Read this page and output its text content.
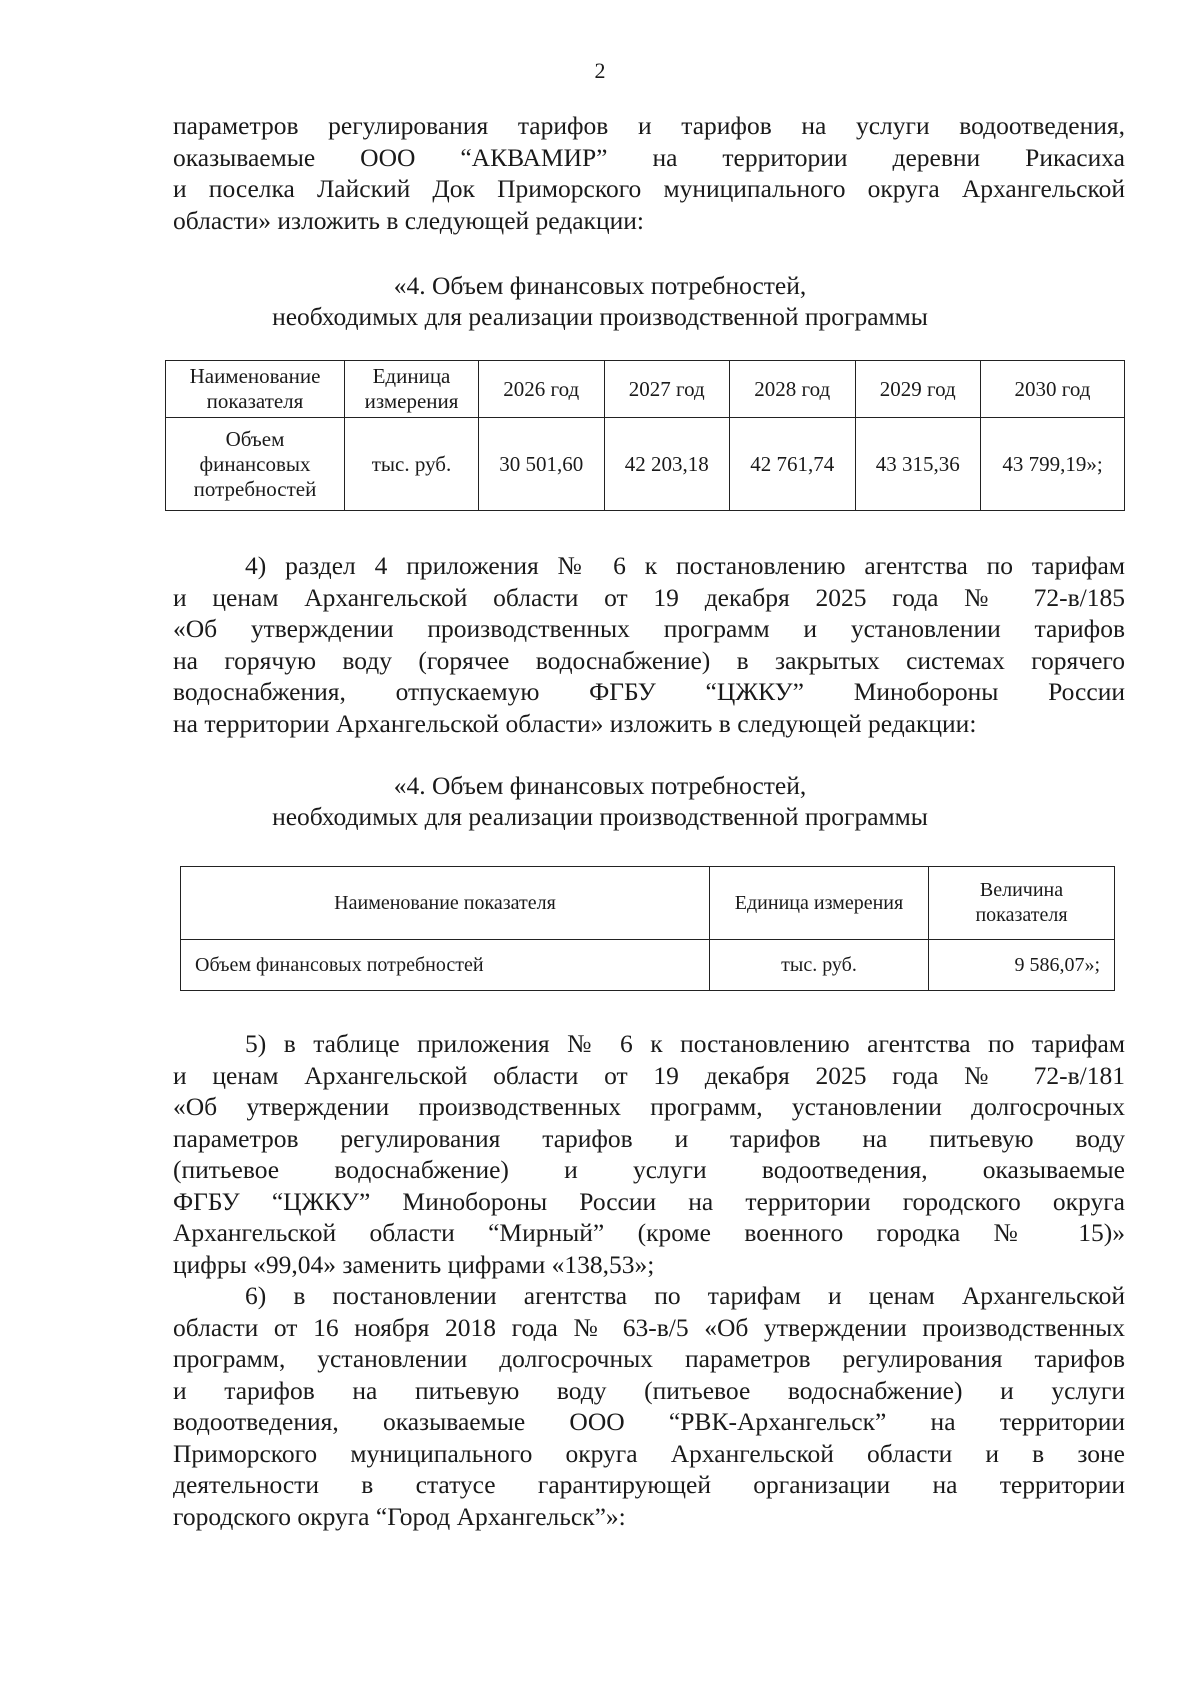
2
параметров регулирования тарифов и тарифов на услуги водоотведения,
оказываемые ООО “АКВАМИР” на территории деревни Рикасиха
и поселка Лайский Док Приморского муниципального округа Архангельской
области» изложить в следующей редакции:
«4. Объем финансовых потребностей,
необходимых для реализации производственной программы
Наименование показателя	Единица измерения	2026 год	2027 год	2028 год	2029 год	2030 год
Объем финансовых потребностей	тыс. руб.	30 501,60	42 203,18	42 761,74	43 315,36	43 799,19»;
4) раздел 4 приложения № 6 к постановлению агентства по тарифам
и ценам Архангельской области от 19 декабря 2025 года № 72-в/185
«Об утверждении производственных программ и установлении тарифов
на горячую воду (горячее водоснабжение) в закрытых системах горячего
водоснабжения, отпускаемую ФГБУ “ЦЖКУ” Минобороны России
на территории Архангельской области» изложить в следующей редакции:
«4. Объем финансовых потребностей,
необходимых для реализации производственной программы
Наименование показателя	Единица измерения	Величина показателя
Объем финансовых потребностей	тыс. руб.	9 586,07»;
5) в таблице приложения № 6 к постановлению агентства по тарифам
и ценам Архангельской области от 19 декабря 2025 года № 72-в/181
«Об утверждении производственных программ, установлении долгосрочных
параметров регулирования тарифов и тарифов на питьевую воду
(питьевое водоснабжение) и услуги водоотведения, оказываемые
ФГБУ “ЦЖКУ” Минобороны России на территории городского округа
Архангельской области “Мирный” (кроме военного городка № 15)»
цифры «99,04» заменить цифрами «138,53»;
6) в постановлении агентства по тарифам и ценам Архангельской
области от 16 ноября 2018 года № 63-в/5 «Об утверждении производственных
программ, установлении долгосрочных параметров регулирования тарифов
и тарифов на питьевую воду (питьевое водоснабжение) и услуги
водоотведения, оказываемые ООО “РВК-Архангельск” на территории
Приморского муниципального округа Архангельской области и в зоне
деятельности в статусе гарантирующей организации на территории
городского округа “Город Архангельск”»:
